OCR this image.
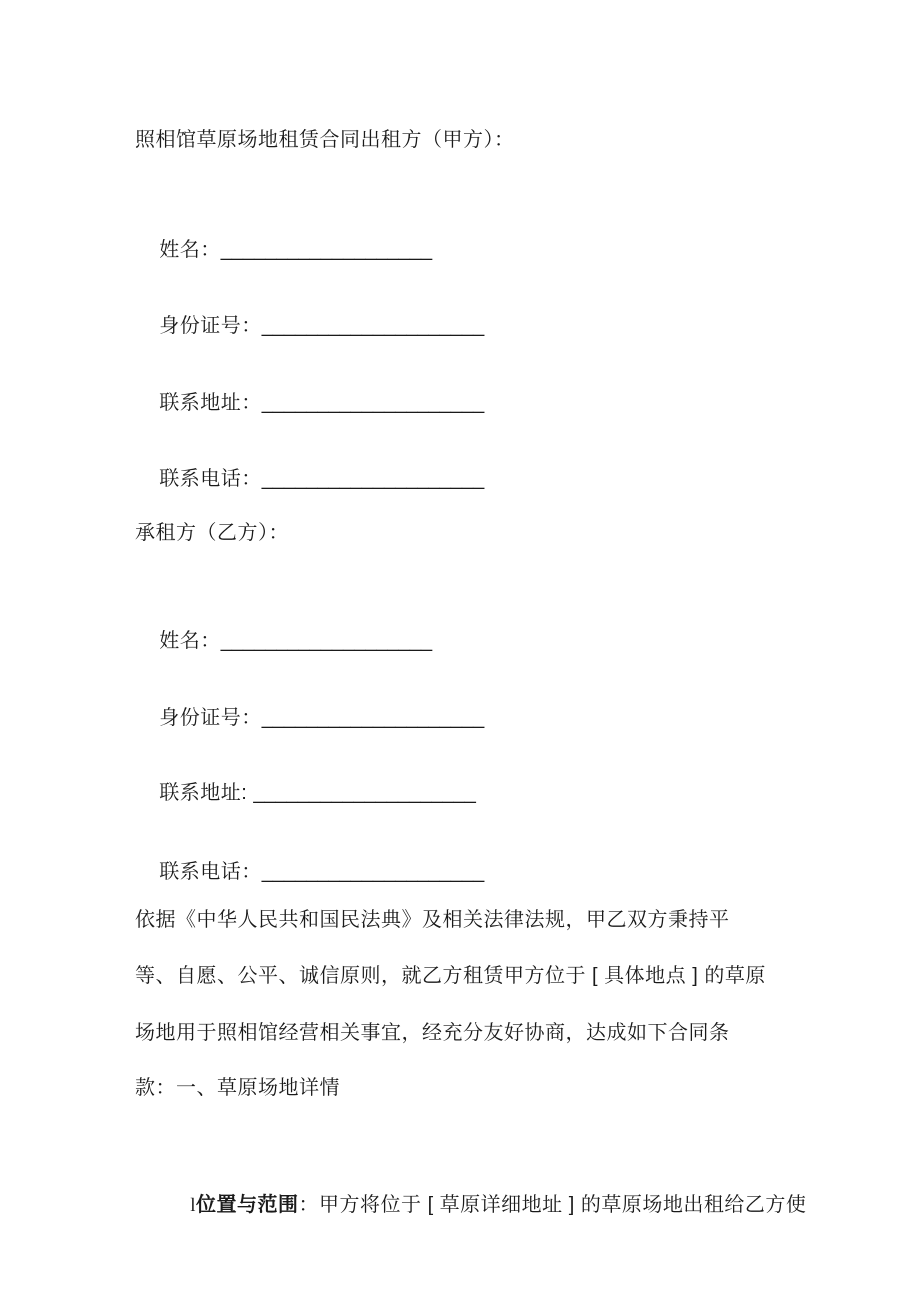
照相馆草原场地租赁合同出租方（甲方）：

姓名：___________________

身份证号：____________________

联系地址：____________________

联系电话：____________________

承租方（乙方）：

姓名：___________________

身份证号：____________________

联系地址: ____________________

联系电话：____________________

依据《中华人民共和国民法典》及相关法律法规，甲乙双方秉持平
等、自愿、公平、诚信原则，就乙方租赁甲方位于 [ 具体地点 ] 的草原
场地用于照相馆经营相关事宜，经充分友好协商，达成如下合同条
款：一、草原场地详情

l位置与范围：甲方将位于 [ 草原详细地址 ] 的草原场地出租给乙方使
